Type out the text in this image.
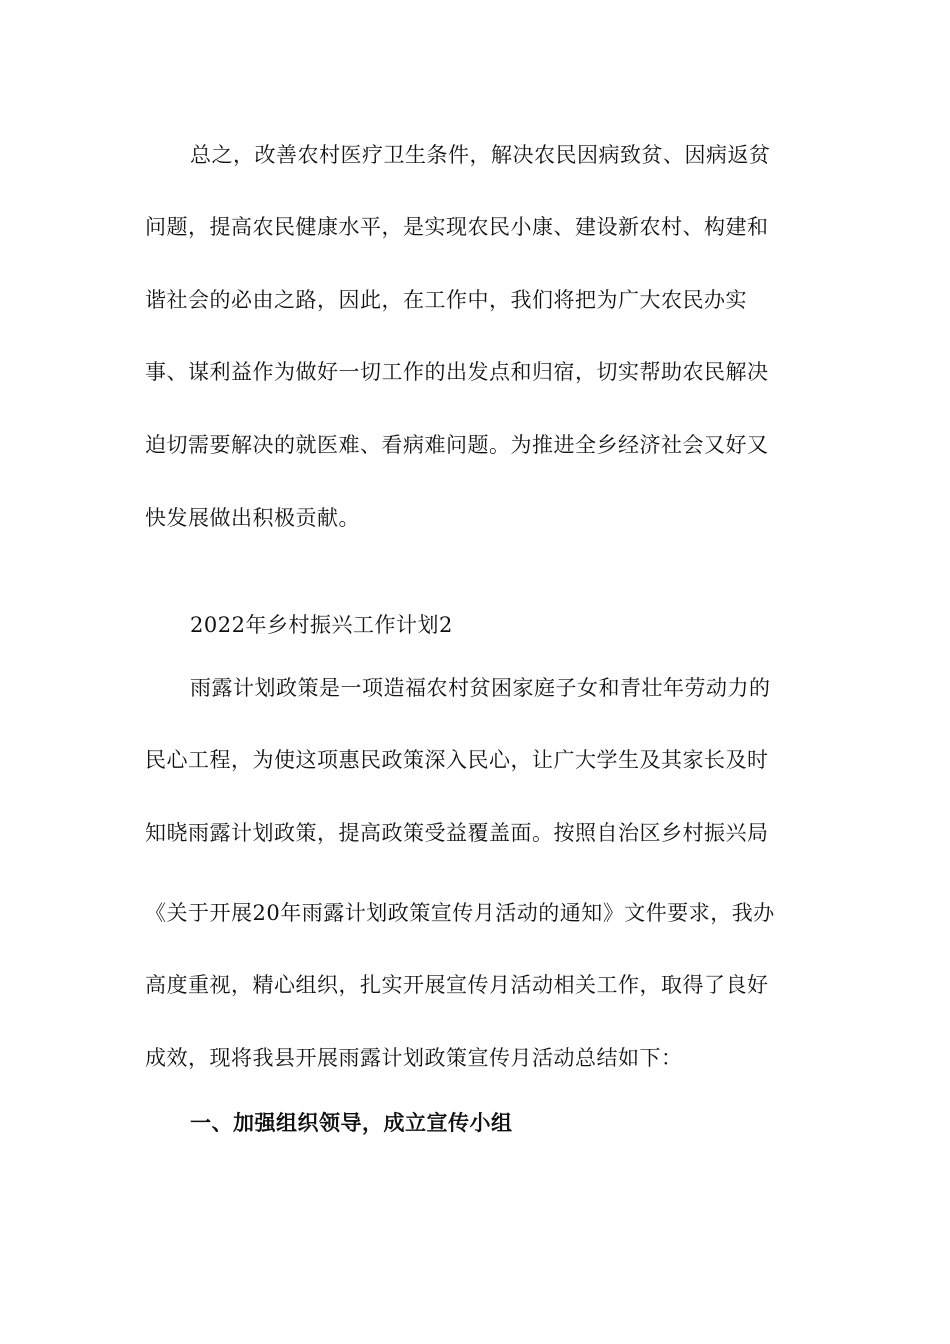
总之，改善农村医疗卫生条件，解决农民因病致贫、因病返贫
问题，提高农民健康水平，是实现农民小康、建设新农村、构建和
谐社会的必由之路，因此，在工作中，我们将把为广大农民办实
事、谋利益作为做好一切工作的出发点和归宿，切实帮助农民解决
迫切需要解决的就医难、看病难问题。为推进全乡经济社会又好又
快发展做出积极贡献。
2022年乡村振兴工作计划2
雨露计划政策是一项造福农村贫困家庭子女和青壮年劳动力的
民心工程，为使这项惠民政策深入民心，让广大学生及其家长及时
知晓雨露计划政策，提高政策受益覆盖面。按照自治区乡村振兴局
《关于开展20年雨露计划政策宣传月活动的通知》文件要求，我办
高度重视，精心组织，扎实开展宣传月活动相关工作，取得了良好
成效，现将我县开展雨露计划政策宣传月活动总结如下：
一、加强组织领导，成立宣传小组
